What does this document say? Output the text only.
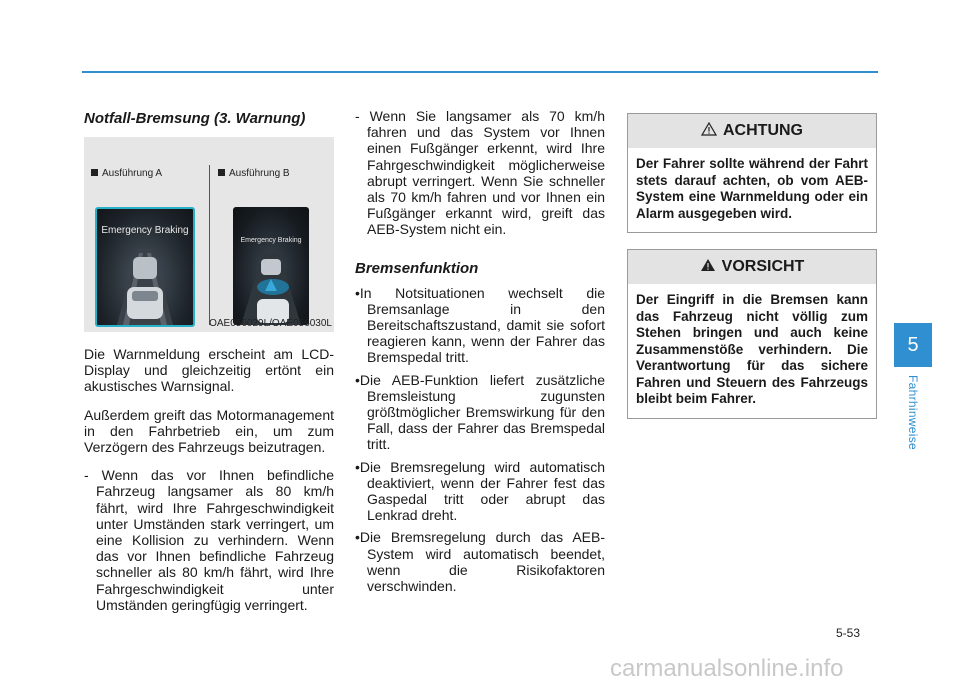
Notfall-Bremsung (3. Warnung)
Ausführung A	Ausführung B
Emergency Braking
Emergency Braking
OAE056029L/OAE056030L

Die Warnmeldung erscheint am LCD-Display und gleichzeitig ertönt ein akustisches Warnsignal.

Außerdem greift das Motormanagement in den Fahrbetrieb ein, um zum Verzögern des Fahrzeugs beizutragen.

- Wenn das vor Ihnen befindliche Fahrzeug langsamer als 80 km/h fährt, wird Ihre Fahrgeschwindigkeit unter Umständen stark verringert, um eine Kollision zu verhindern. Wenn das vor Ihnen befindliche Fahrzeug schneller als 80 km/h fährt, wird Ihre Fahrgeschwindigkeit unter Umständen geringfügig verringert.
- Wenn Sie langsamer als 70 km/h fahren und das System vor Ihnen einen Fußgänger erkennt, wird Ihre Fahrgeschwindigkeit möglicherweise abrupt verringert. Wenn Sie schneller als 70 km/h fahren und vor Ihnen ein Fußgänger erkannt wird, greift das AEB-System nicht ein.
Bremsenfunktion
• In Notsituationen wechselt die Bremsanlage in den Bereitschaftszustand, damit sie sofort reagieren kann, wenn der Fahrer das Bremspedal tritt.
• Die AEB-Funktion liefert zusätzliche Bremsleistung zugunsten größtmöglicher Bremswirkung für den Fall, dass der Fahrer das Bremspedal tritt.
• Die Bremsregelung wird automatisch deaktiviert, wenn der Fahrer fest das Gaspedal tritt oder abrupt das Lenkrad dreht.
• Die Bremsregelung durch das AEB-System wird automatisch beendet, wenn die Risikofaktoren verschwinden.
ACHTUNG
Der Fahrer sollte während der Fahrt stets darauf achten, ob vom AEB-System eine Warnmeldung oder ein Alarm ausgegeben wird.
VORSICHT
Der Eingriff in die Bremsen kann das Fahrzeug nicht völlig zum Stehen bringen und auch keine Zusammenstöße verhindern. Die Verantwortung für das sichere Fahren und Steuern des Fahrzeugs bleibt beim Fahrer.
5
Fahrhinweise
5-53
carmanualsonline.info
